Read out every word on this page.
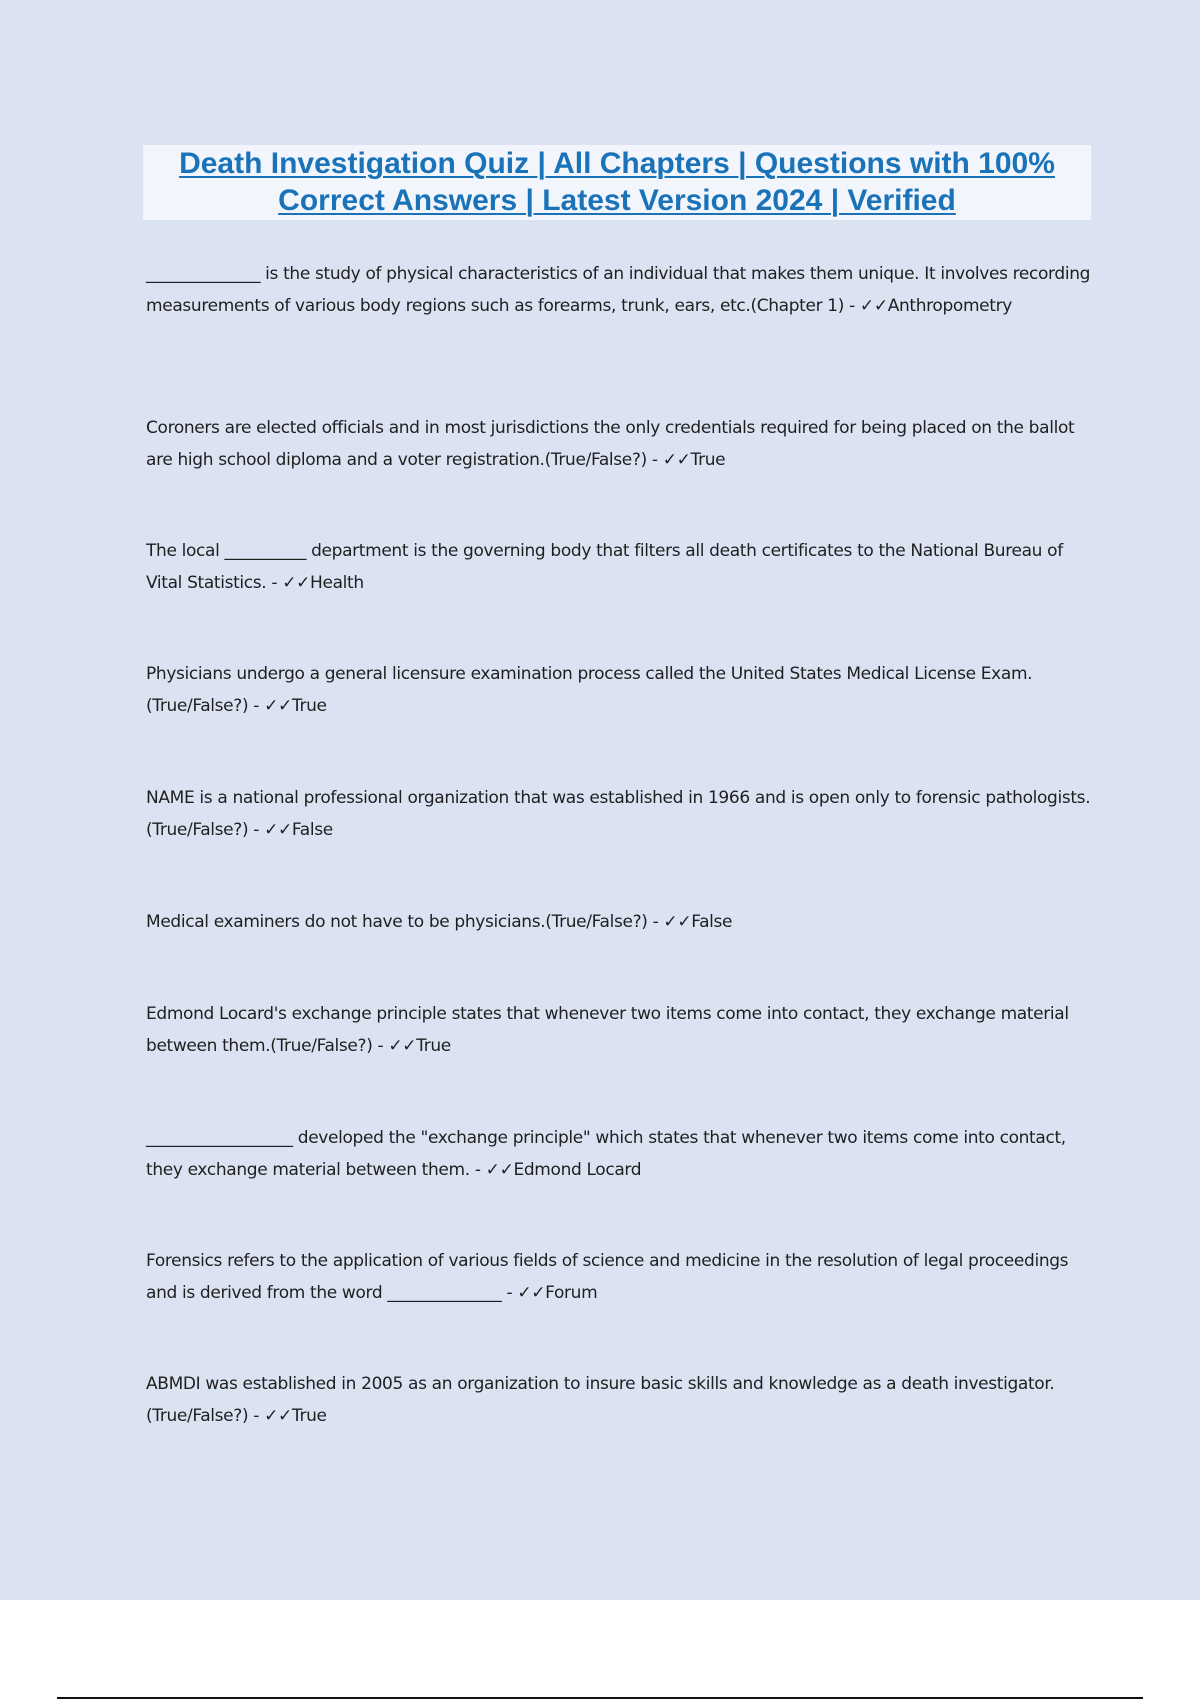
Death Investigation Quiz | All Chapters | Questions with 100%

Correct Answers | Latest Version 2024 | Verified

______________ is the study of physical characteristics of an individual that makes them unique. It involves recording measurements of various body regions such as forearms, trunk, ears, etc.(Chapter 1) - ✓✓Anthropometry

Coroners are elected officials and in most jurisdictions the only credentials required for being placed on the ballot are high school diploma and a voter registration.(True/False?) - ✓✓True

The local __________ department is the governing body that filters all death certificates to the National Bureau of Vital Statistics. - ✓✓Health

Physicians undergo a general licensure examination process called the United States Medical License Exam.(True/False?) - ✓✓True

NAME is a national professional organization that was established in 1966 and is open only to forensic pathologists.(True/False?) - ✓✓False

Medical examiners do not have to be physicians.(True/False?) - ✓✓False

Edmond Locard's exchange principle states that whenever two items come into contact, they exchange material between them.(True/False?) - ✓✓True

__________________ developed the "exchange principle" which states that whenever two items come into contact, they exchange material between them. - ✓✓Edmond Locard

Forensics refers to the application of various fields of science and medicine in the resolution of legal proceedings and is derived from the word ______________ - ✓✓Forum

ABMDI was established in 2005 as an organization to insure basic skills and knowledge as a death investigator.(True/False?) - ✓✓True
